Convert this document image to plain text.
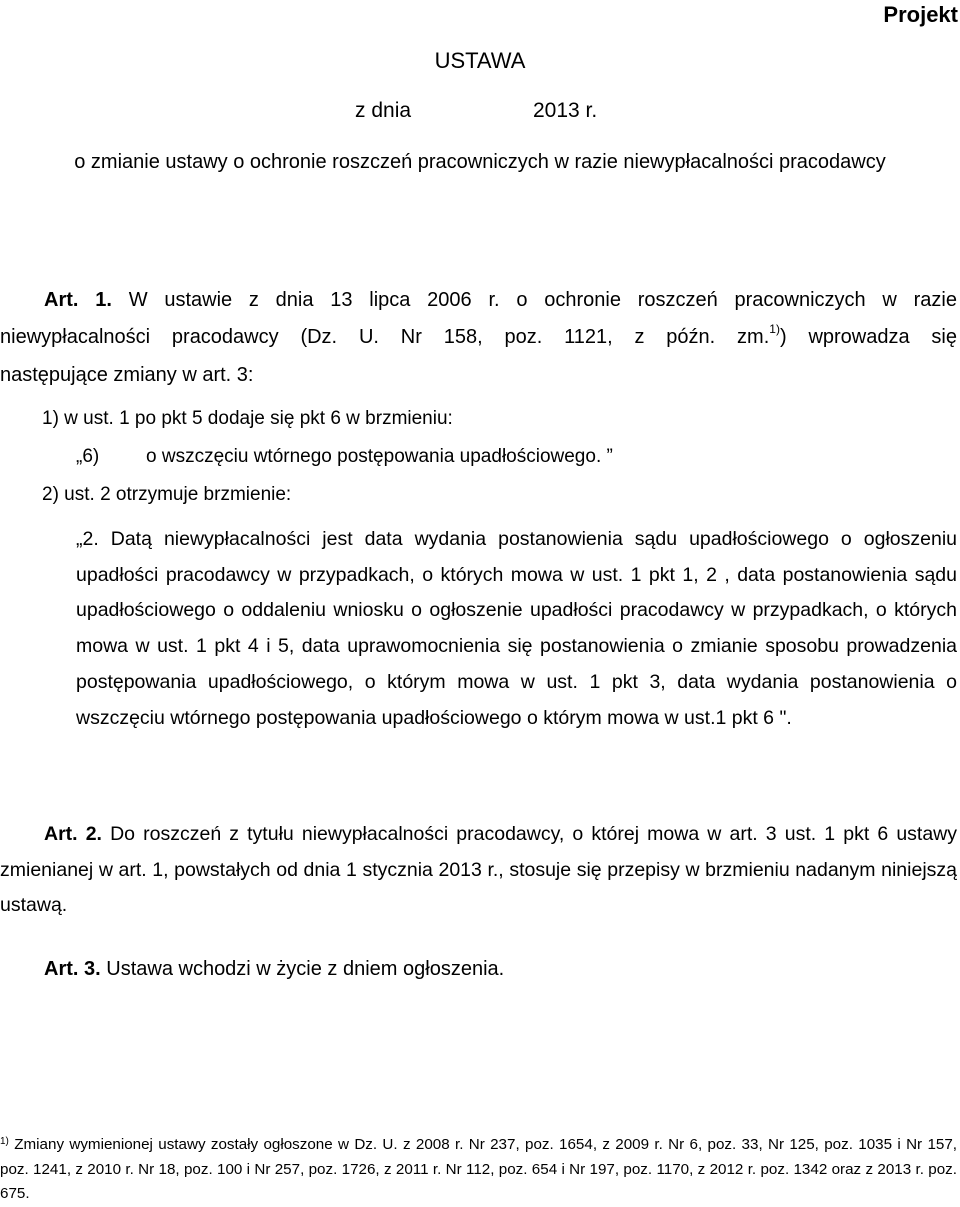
Projekt
USTAWA
z dnia	2013 r.
o zmianie ustawy o ochronie roszczeń pracowniczych w razie niewypłacalności pracodawcy
Art. 1. W ustawie z dnia 13 lipca 2006 r. o ochronie roszczeń pracowniczych w razie
niewypłacalności pracodawcy (Dz. U. Nr 158, poz. 1121, z późn. zm.$^{1)}$) wprowadza się
następujące zmiany w art. 3:
1) w ust. 1 po pkt 5 dodaje się pkt 6 w brzmieniu:
„6) o wszczęciu wtórnego postępowania upadłościowego. ”
2) ust. 2 otrzymuje brzmienie:
„2. Datą niewypłacalności jest data wydania postanowienia sądu upadłościowego o ogłoszeniu upadłości pracodawcy w przypadkach, o których mowa w ust. 1 pkt 1, 2 , data postanowienia sądu upadłościowego o oddaleniu wniosku o ogłoszenie upadłości pracodawcy w przypadkach, o których mowa w ust. 1 pkt 4 i 5, data uprawomocnienia się postanowienia o zmianie sposobu prowadzenia postępowania upadłościowego, o którym mowa w ust. 1 pkt 3, data wydania postanowienia o wszczęciu wtórnego postępowania upadłościowego o którym mowa w ust.1 pkt 6 ".
Art. 2. Do roszczeń z tytułu niewypłacalności pracodawcy, o której mowa w art. 3 ust. 1 pkt 6 ustawy zmienianej w art. 1, powstałych od dnia 1 stycznia 2013 r., stosuje się przepisy w brzmieniu nadanym niniejszą ustawą.
Art. 3. Ustawa wchodzi w życie z dniem ogłoszenia.
$^{1)}$ Zmiany wymienionej ustawy zostały ogłoszone w Dz. U. z 2008 r. Nr 237, poz. 1654, z 2009 r. Nr 6, poz. 33, Nr 125, poz. 1035 i Nr 157, poz. 1241, z 2010 r. Nr 18, poz. 100 i Nr 257, poz. 1726, z 2011 r. Nr 112, poz. 654 i Nr 197, poz. 1170, z 2012 r. poz. 1342 oraz z 2013 r. poz. 675.
